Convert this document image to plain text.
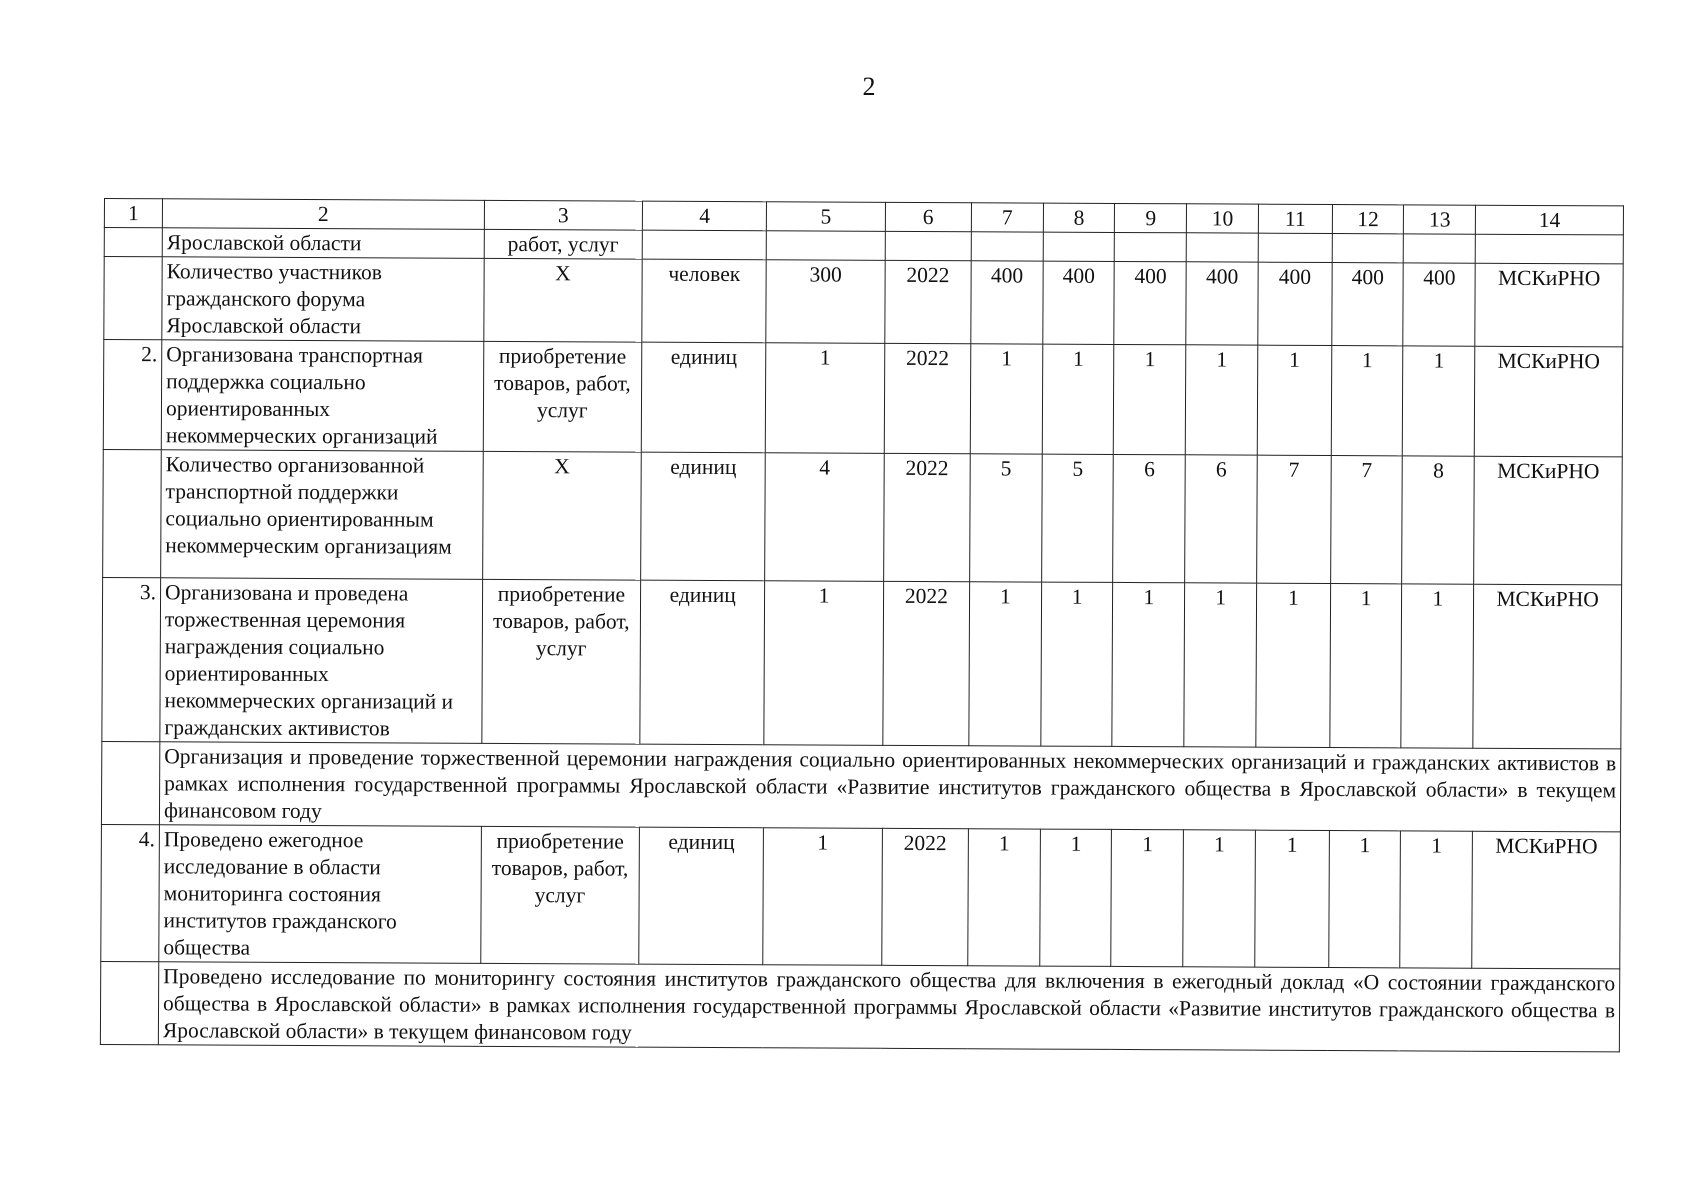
2
1	2	3	4	5	6	7	8	9	10	11	12	13	14
	Ярославской области	работ, услуг											
	Количество участников гражданского форума Ярославской области	X	человек	300	2022	400	400	400	400	400	400	400	МСКиРНО
2.	Организована транспортная поддержка социально ориентированных некоммерческих организаций	приобретение товаров, работ, услуг	единиц	1	2022	1	1	1	1	1	1	1	МСКиРНО
	Количество организованной транспортной поддержки социально ориентированным некоммерческим организациям	X	единиц	4	2022	5	5	6	6	7	7	8	МСКиРНО
3.	Организована и проведена торжественная церемония награждения социально ориентированных некоммерческих организаций и гражданских активистов	приобретение товаров, работ, услуг	единиц	1	2022	1	1	1	1	1	1	1	МСКиРНО
	Организация и проведение торжественной церемонии награждения социально ориентированных некоммерческих организаций и гражданских активистов в рамках исполнения государственной программы Ярославской области «Развитие институтов гражданского общества в Ярославской области» в текущем финансовом году												
4.	Проведено ежегодное исследование в области мониторинга состояния институтов гражданского общества	приобретение товаров, работ, услуг	единиц	1	2022	1	1	1	1	1	1	1	МСКиРНО
	Проведено исследование по мониторингу состояния институтов гражданского общества для включения в ежегодный доклад «О состоянии гражданского общества в Ярославской области» в рамках исполнения государственной программы Ярославской области «Развитие институтов гражданского общества в Ярославской области» в текущем финансовом году												
